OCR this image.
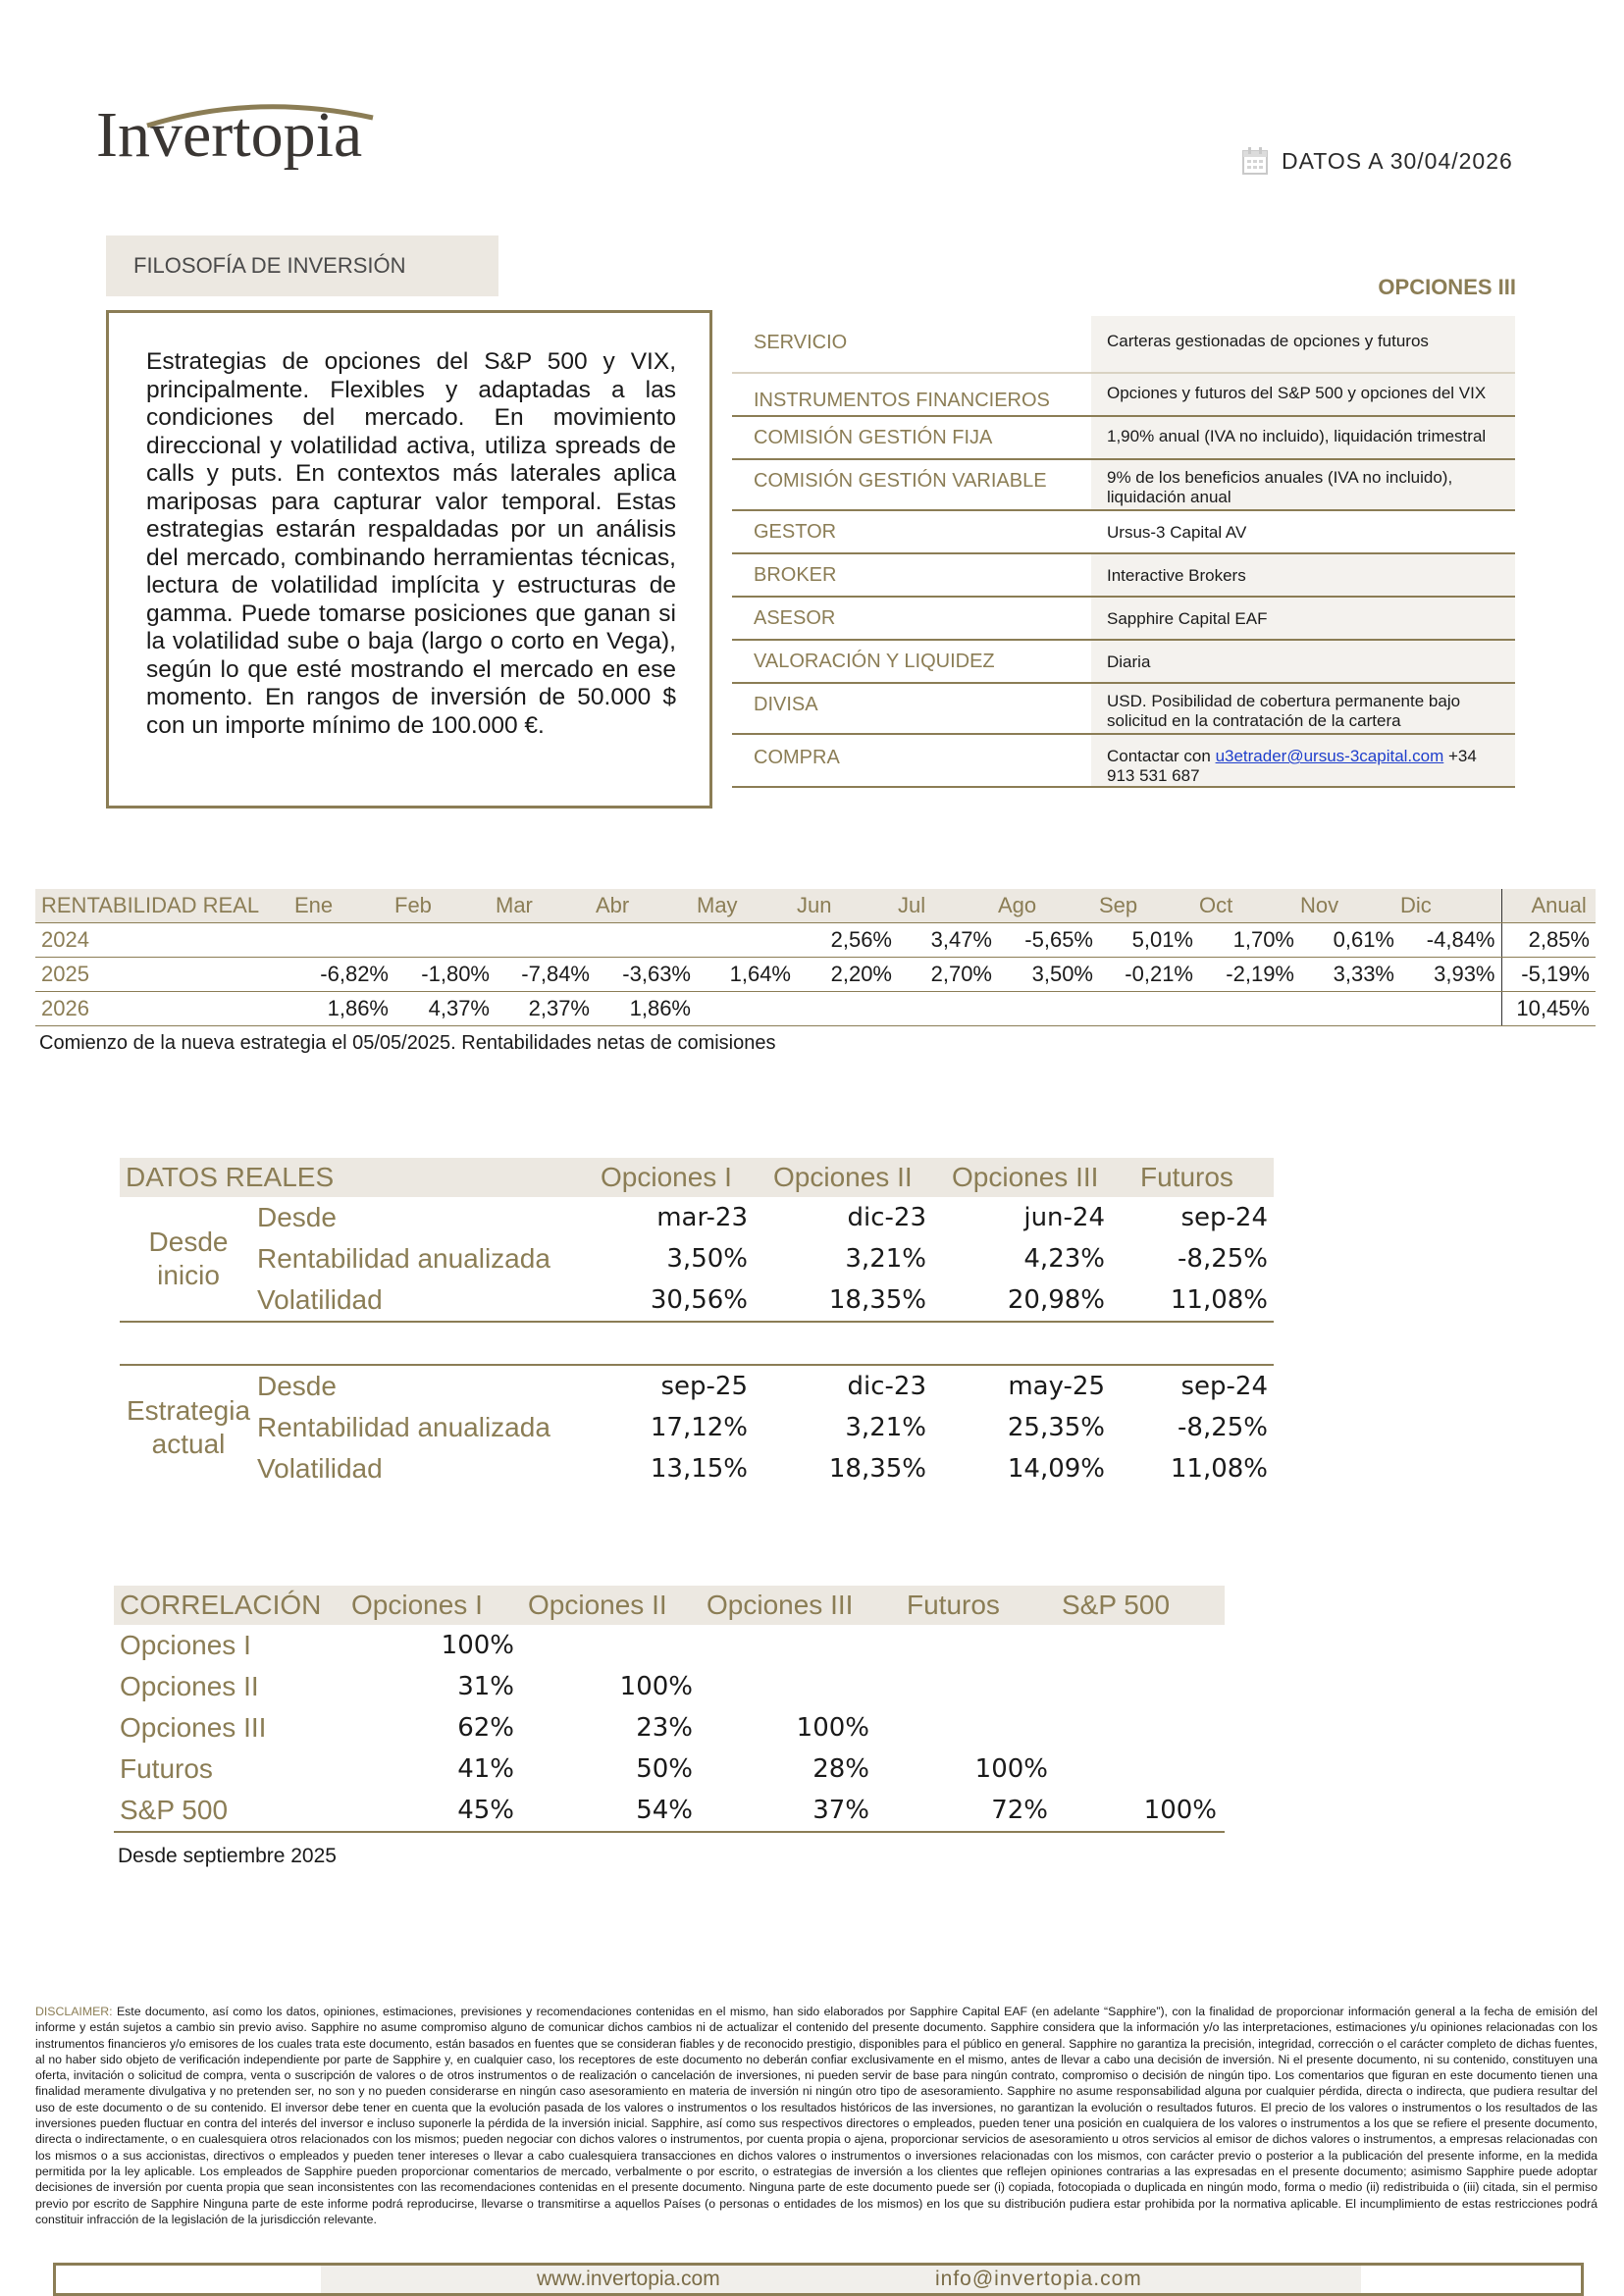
Invertopia	DATOS A 30/04/2026
FILOSOFÍA DE INVERSIÓN
Estrategias de opciones del S&P 500 y VIX, principalmente. Flexibles y adaptadas a las condiciones del mercado. En movimiento direccional y volatilidad activa, utiliza spreads de calls y puts. En contextos más laterales aplica mariposas para capturar valor temporal. Estas estrategias estarán respaldadas por un análisis del mercado, combinando herramientas técnicas, lectura de volatilidad implícita y estructuras de gamma. Puede tomarse posiciones que ganan si la volatilidad sube o baja (largo o corto en Vega), según lo que esté mostrando el mercado en ese momento. En rangos de inversión de 50.000 $ con un importe mínimo de 100.000 €.
OPCIONES III
SERVICIO	Carteras gestionadas de opciones y futuros
INSTRUMENTOS FINANCIEROS	Opciones y futuros del S&P 500 y opciones del VIX
COMISIÓN GESTIÓN FIJA	1,90% anual (IVA no incluido), liquidación trimestral
COMISIÓN GESTIÓN VARIABLE	9% de los beneficios anuales (IVA no incluido), liquidación anual
GESTOR	Ursus-3 Capital AV
BROKER	Interactive Brokers
ASESOR	Sapphire Capital EAF
VALORACIÓN Y LIQUIDEZ	Diaria
DIVISA	USD. Posibilidad de cobertura permanente bajo solicitud en la contratación de la cartera
COMPRA	Contactar con u3etrader@ursus-3capital.com +34 913 531 687
RENTABILIDAD REAL	Ene	Feb	Mar	Abr	May	Jun	Jul	Ago	Sep	Oct	Nov	Dic	Anual
2024						2,56%	3,47%	-5,65%	5,01%	1,70%	0,61%	-4,84%	2,85%
2025	-6,82%	-1,80%	-7,84%	-3,63%	1,64%	2,20%	2,70%	3,50%	-0,21%	-2,19%	3,33%	3,93%	-5,19%
2026	1,86%	4,37%	2,37%	1,86%									10,45%
Comienzo de la nueva estrategia el 05/05/2025. Rentabilidades netas de comisiones
DATOS REALES		Opciones I	Opciones II	Opciones III	Futuros
Desde
inicio	Desde	mar-23	dic-23	jun-24	sep-24
	Rentabilidad anualizada	3,50%	3,21%	4,23%	-8,25%
	Volatilidad	30,56%	18,35%	20,98%	11,08%

Estrategia
actual	Desde	sep-25	dic-23	may-25	sep-24
	Rentabilidad anualizada	17,12%	3,21%	25,35%	-8,25%
	Volatilidad	13,15%	18,35%	14,09%	11,08%
CORRELACIÓN	Opciones I	Opciones II	Opciones III	Futuros	S&P 500
Opciones I	100%				
Opciones II	31%	100%			
Opciones III	62%	23%	100%		
Futuros	41%	50%	28%	100%	
S&P 500	45%	54%	37%	72%	100%
Desde septiembre 2025
DISCLAIMER: Este documento, así como los datos, opiniones, estimaciones, previsiones y recomendaciones contenidas en el mismo, han sido elaborados por Sapphire Capital EAF (en adelante “Sapphire”), con la finalidad de proporcionar información general a la fecha de emisión del informe y están sujetos a cambio sin previo aviso. Sapphire no asume compromiso alguno de comunicar dichos cambios ni de actualizar el contenido del presente documento. Sapphire considera que la información y/o las interpretaciones, estimaciones y/u opiniones relacionadas con los instrumentos financieros y/o emisores de los cuales trata este documento, están basados en fuentes que se consideran fiables y de reconocido prestigio, disponibles para el público en general. Sapphire no garantiza la precisión, integridad, corrección o el carácter completo de dichas fuentes, al no haber sido objeto de verificación independiente por parte de Sapphire y, en cualquier caso, los receptores de este documento no deberán confiar exclusivamente en el mismo, antes de llevar a cabo una decisión de inversión. Ni el presente documento, ni su contenido, constituyen una oferta, invitación o solicitud de compra, venta o suscripción de valores o de otros instrumentos o de realización o cancelación de inversiones, ni pueden servir de base para ningún contrato, compromiso o decisión de ningún tipo. Los comentarios que figuran en este documento tienen una finalidad meramente divulgativa y no pretenden ser, no son y no pueden considerarse en ningún caso asesoramiento en materia de inversión ni ningún otro tipo de asesoramiento. Sapphire no asume responsabilidad alguna por cualquier pérdida, directa o indirecta, que pudiera resultar del uso de este documento o de su contenido. El inversor debe tener en cuenta que la evolución pasada de los valores o instrumentos o los resultados históricos de las inversiones, no garantizan la evolución o resultados futuros. El precio de los valores o instrumentos o los resultados de las inversiones pueden fluctuar en contra del interés del inversor e incluso suponerle la pérdida de la inversión inicial. Sapphire, así como sus respectivos directores o empleados, pueden tener una posición en cualquiera de los valores o instrumentos a los que se refiere el presente documento, directa o indirectamente, o en cualesquiera otros relacionados con los mismos; pueden negociar con dichos valores o instrumentos, por cuenta propia o ajena, proporcionar servicios de asesoramiento u otros servicios al emisor de dichos valores o instrumentos, a empresas relacionadas con los mismos o a sus accionistas, directivos o empleados y pueden tener intereses o llevar a cabo cualesquiera transacciones en dichos valores o instrumentos o inversiones relacionadas con los mismos, con carácter previo o posterior a la publicación del presente informe, en la medida permitida por la ley aplicable. Los empleados de Sapphire pueden proporcionar comentarios de mercado, verbalmente o por escrito, o estrategias de inversión a los clientes que reflejen opiniones contrarias a las expresadas en el presente documento; asimismo Sapphire puede adoptar decisiones de inversión por cuenta propia que sean inconsistentes con las recomendaciones contenidas en el presente documento. Ninguna parte de este documento puede ser (i) copiada, fotocopiada o duplicada en ningún modo, forma o medio (ii) redistribuida o (iii) citada, sin el permiso previo por escrito de Sapphire Ninguna parte de este informe podrá reproducirse, llevarse o transmitirse a aquellos Países (o personas o entidades de los mismos) en los que su distribución pudiera estar prohibida por la normativa aplicable. El incumplimiento de estas restricciones podrá constituir infracción de la legislación de la jurisdicción relevante.
www.invertopia.com	info@invertopia.com
